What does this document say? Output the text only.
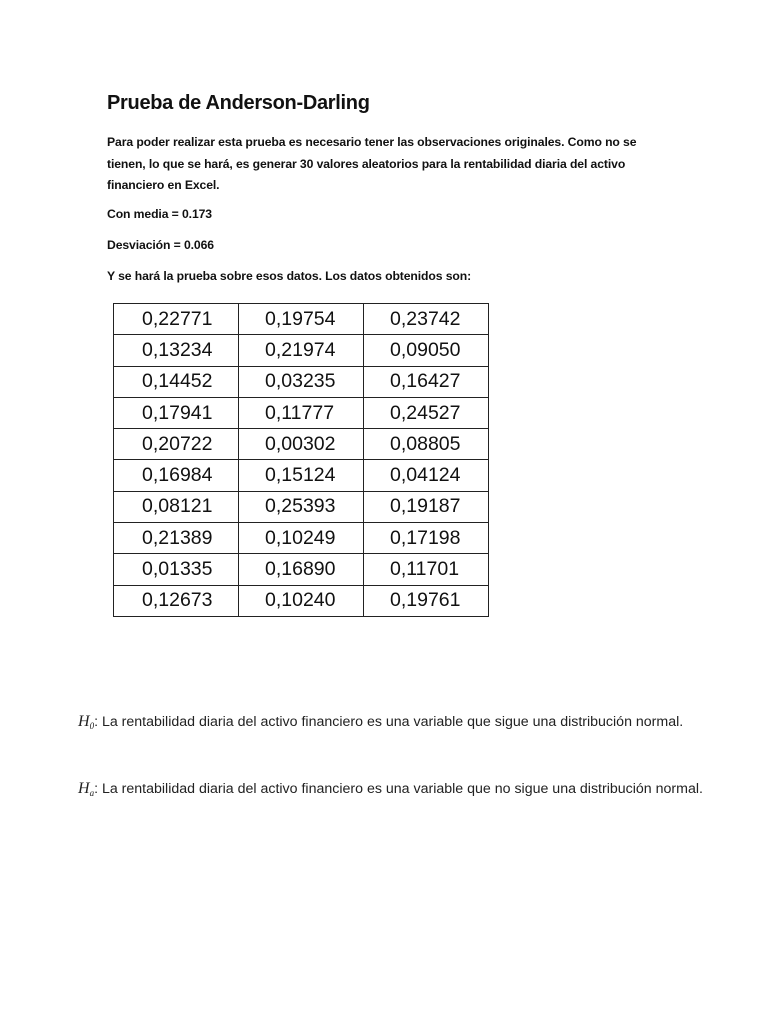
Prueba de Anderson-Darling

Para poder realizar esta prueba es necesario tener las observaciones originales. Como no se tienen, lo que se hará, es generar 30 valores aleatorios para la rentabilidad diaria del activo financiero en Excel.

Con media = 0.173

Desviación = 0.066

Y se hará la prueba sobre esos datos. Los datos obtenidos son:

0,22771	0,19754	0,23742
0,13234	0,21974	0,09050
0,14452	0,03235	0,16427
0,17941	0,11777	0,24527
0,20722	0,00302	0,08805
0,16984	0,15124	0,04124
0,08121	0,25393	0,19187
0,21389	0,10249	0,17198
0,01335	0,16890	0,11701
0,12673	0,10240	0,19761

$H_0$: La rentabilidad diaria del activo financiero es una variable que sigue una distribución normal.

$H_a$: La rentabilidad diaria del activo financiero es una variable que no sigue una distribución normal.
